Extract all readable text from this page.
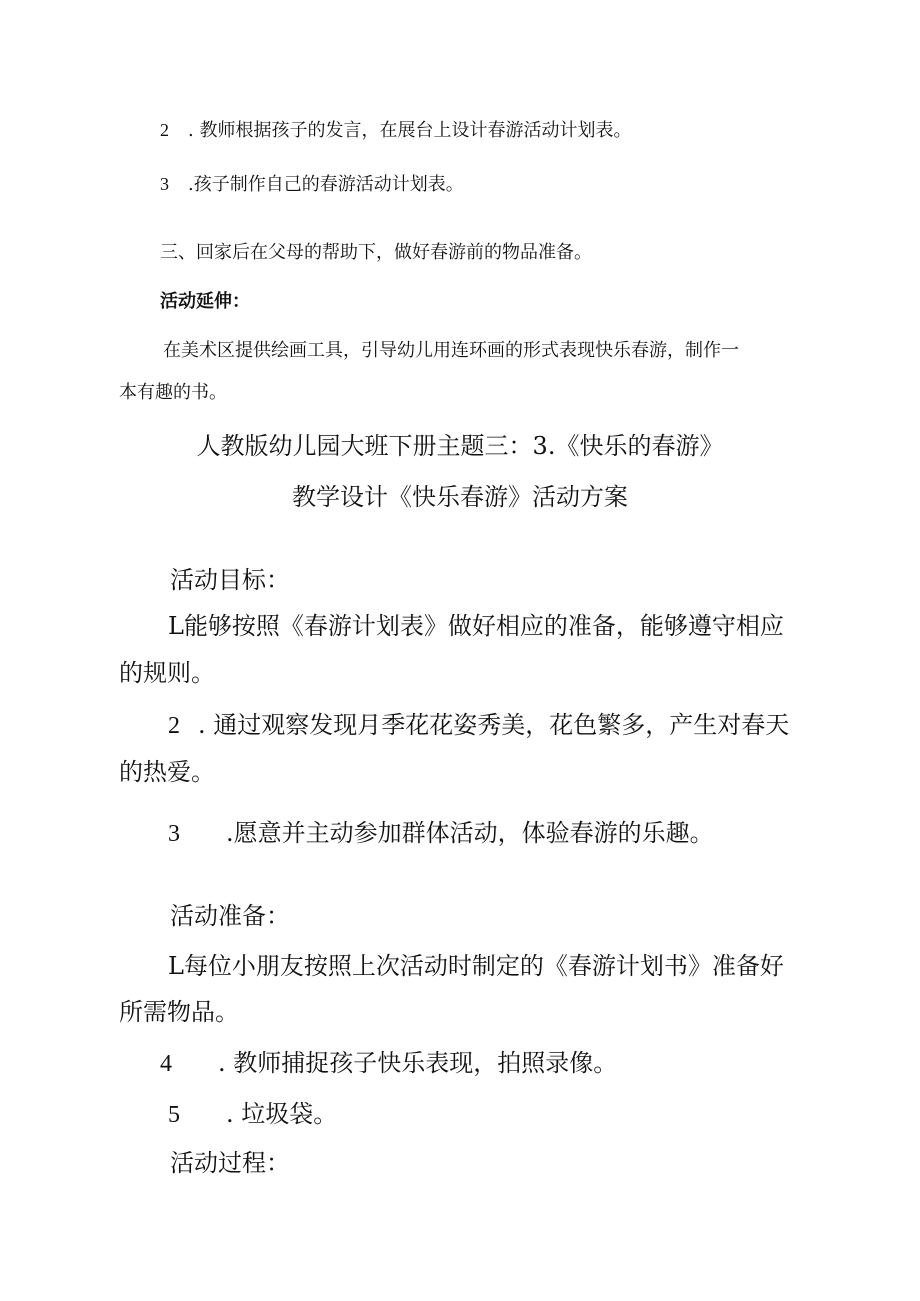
2 . 教师根据孩子的发言，在展台上设计春游活动计划表。

3 .孩子制作自己的春游活动计划表。

三、回家后在父母的帮助下，做好春游前的物品准备。

活动延伸：

在美术区提供绘画工具，引导幼儿用连环画的形式表现快乐春游，制作一

本有趣的书。

人教版幼儿园大班下册主题三：3.《快乐的春游》
教学设计《快乐春游》活动方案

活动目标：

L能够按照《春游计划表》做好相应的准备，能够遵守相应

的规则。

2 . 通过观察发现月季花花姿秀美，花色繁多，产生对春天

的热爱。

3 .愿意并主动参加群体活动，体验春游的乐趣。

活动准备：

L每位小朋友按照上次活动时制定的《春游计划书》准备好

所需物品。

4 . 教师捕捉孩子快乐表现，拍照录像。

5 . 垃圾袋。

活动过程：
